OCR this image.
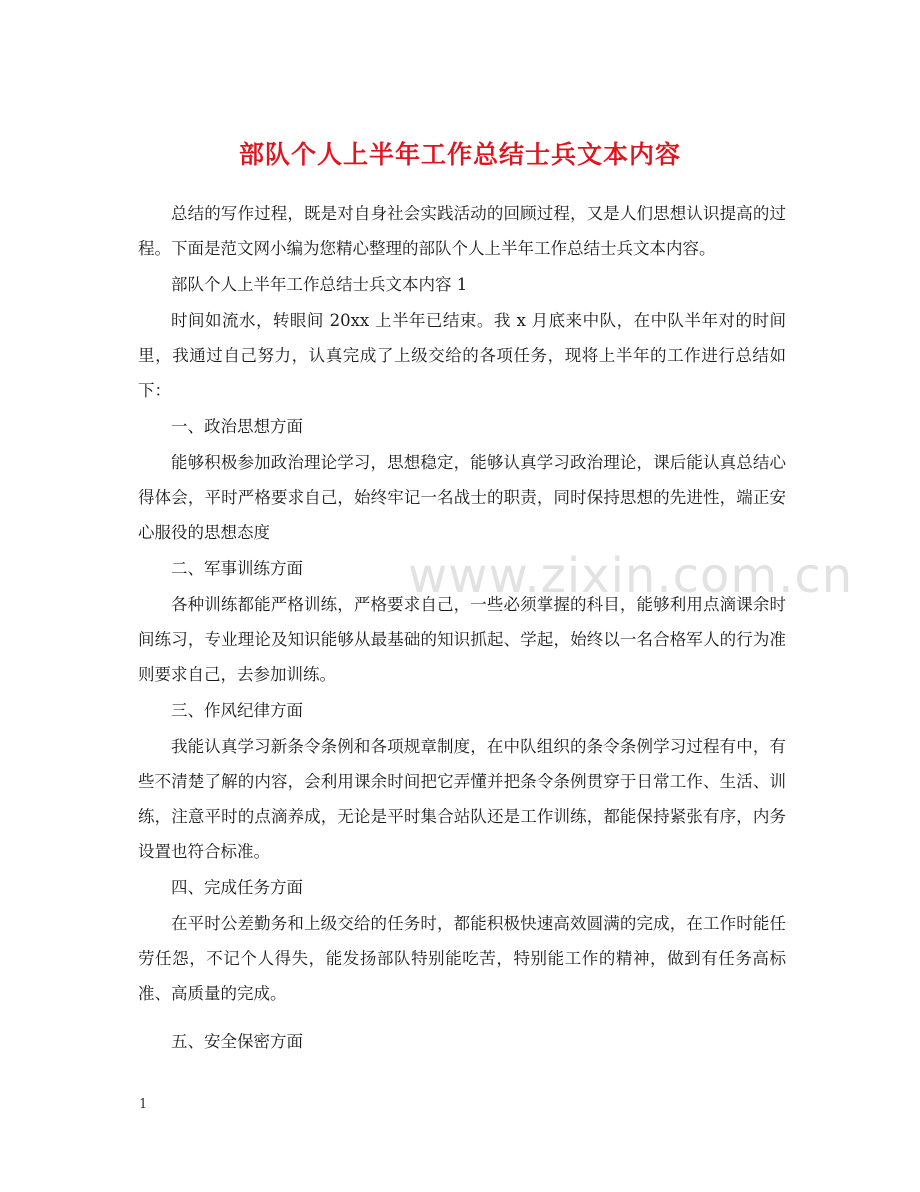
部队个人上半年工作总结士兵文本内容

总结的写作过程，既是对自身社会实践活动的回顾过程，又是人们思想认识提高的过程。下面是范文网小编为您精心整理的部队个人上半年工作总结士兵文本内容。

部队个人上半年工作总结士兵文本内容 1

时间如流水，转眼间 20xx 上半年已结束。我 x 月底来中队，在中队半年对的时间里，我通过自己努力，认真完成了上级交给的各项任务，现将上半年的工作进行总结如下：

一、政治思想方面

能够积极参加政治理论学习，思想稳定，能够认真学习政治理论，课后能认真总结心得体会，平时严格要求自己，始终牢记一名战士的职责，同时保持思想的先进性，端正安心服役的思想态度

二、军事训练方面

各种训练都能严格训练，严格要求自己，一些必须掌握的科目，能够利用点滴课余时间练习，专业理论及知识能够从最基础的知识抓起、学起，始终以一名合格军人的行为准则要求自己，去参加训练。

三、作风纪律方面

我能认真学习新条令条例和各项规章制度，在中队组织的条令条例学习过程有中，有些不清楚了解的内容，会利用课余时间把它弄懂并把条令条例贯穿于日常工作、生活、训练，注意平时的点滴养成，无论是平时集合站队还是工作训练，都能保持紧张有序，内务设置也符合标准。

四、完成任务方面

在平时公差勤务和上级交给的任务时，都能积极快速高效圆满的完成，在工作时能任劳任怨，不记个人得失，能发扬部队特别能吃苦，特别能工作的精神，做到有任务高标准、高质量的完成。

五、安全保密方面

www.zixin.com.cn
1
